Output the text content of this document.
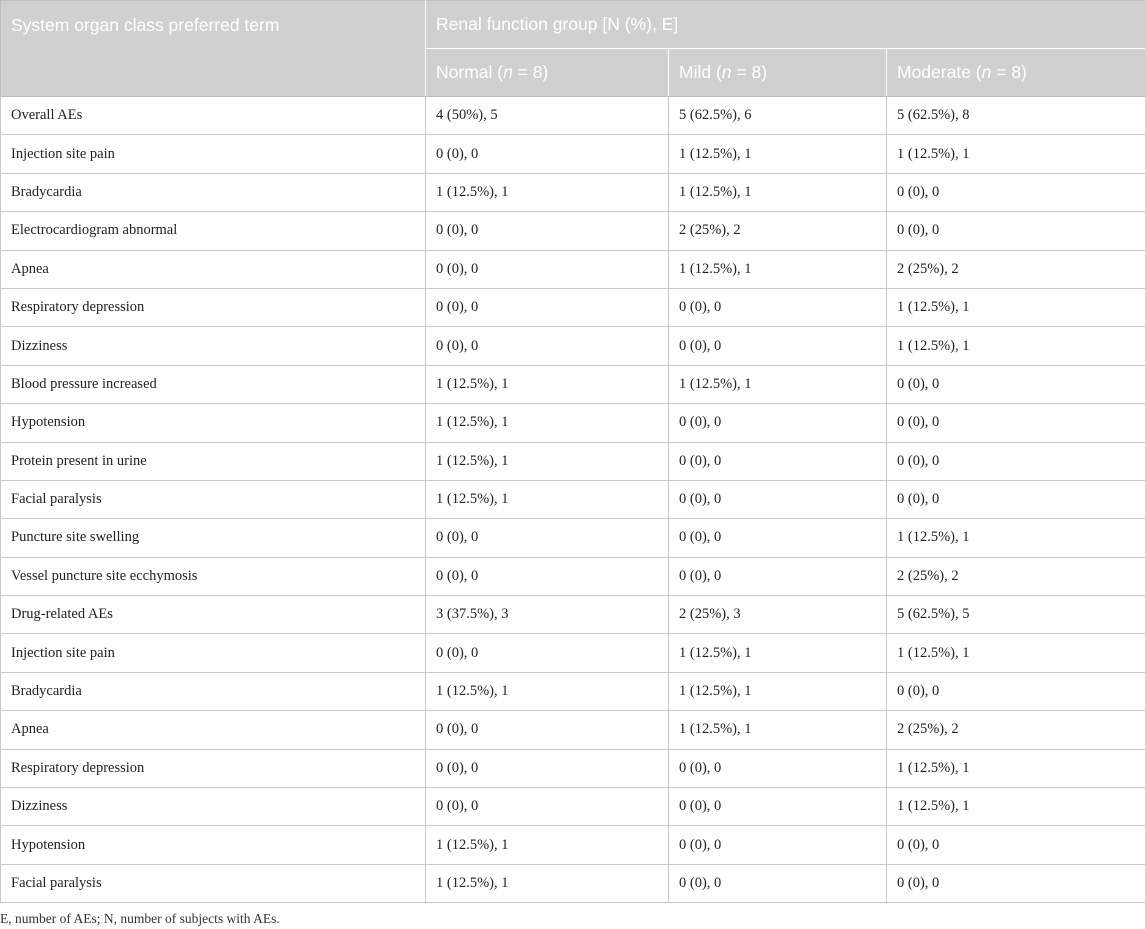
System organ class preferred term	Renal function group [N (%), E]		
	Normal (n = 8)	Mild (n = 8)	Moderate (n = 8)
Overall AEs	4 (50%), 5	5 (62.5%), 6	5 (62.5%), 8
Injection site pain	0 (0), 0	1 (12.5%), 1	1 (12.5%), 1
Bradycardia	1 (12.5%), 1	1 (12.5%), 1	0 (0), 0
Electrocardiogram abnormal	0 (0), 0	2 (25%), 2	0 (0), 0
Apnea	0 (0), 0	1 (12.5%), 1	2 (25%), 2
Respiratory depression	0 (0), 0	0 (0), 0	1 (12.5%), 1
Dizziness	0 (0), 0	0 (0), 0	1 (12.5%), 1
Blood pressure increased	1 (12.5%), 1	1 (12.5%), 1	0 (0), 0
Hypotension	1 (12.5%), 1	0 (0), 0	0 (0), 0
Protein present in urine	1 (12.5%), 1	0 (0), 0	0 (0), 0
Facial paralysis	1 (12.5%), 1	0 (0), 0	0 (0), 0
Puncture site swelling	0 (0), 0	0 (0), 0	1 (12.5%), 1
Vessel puncture site ecchymosis	0 (0), 0	0 (0), 0	2 (25%), 2
Drug-related AEs	3 (37.5%), 3	2 (25%), 3	5 (62.5%), 5
Injection site pain	0 (0), 0	1 (12.5%), 1	1 (12.5%), 1
Bradycardia	1 (12.5%), 1	1 (12.5%), 1	0 (0), 0
Apnea	0 (0), 0	1 (12.5%), 1	2 (25%), 2
Respiratory depression	0 (0), 0	0 (0), 0	1 (12.5%), 1
Dizziness	0 (0), 0	0 (0), 0	1 (12.5%), 1
Hypotension	1 (12.5%), 1	0 (0), 0	0 (0), 0
Facial paralysis	1 (12.5%), 1	0 (0), 0	0 (0), 0
E, number of AEs; N, number of subjects with AEs.
